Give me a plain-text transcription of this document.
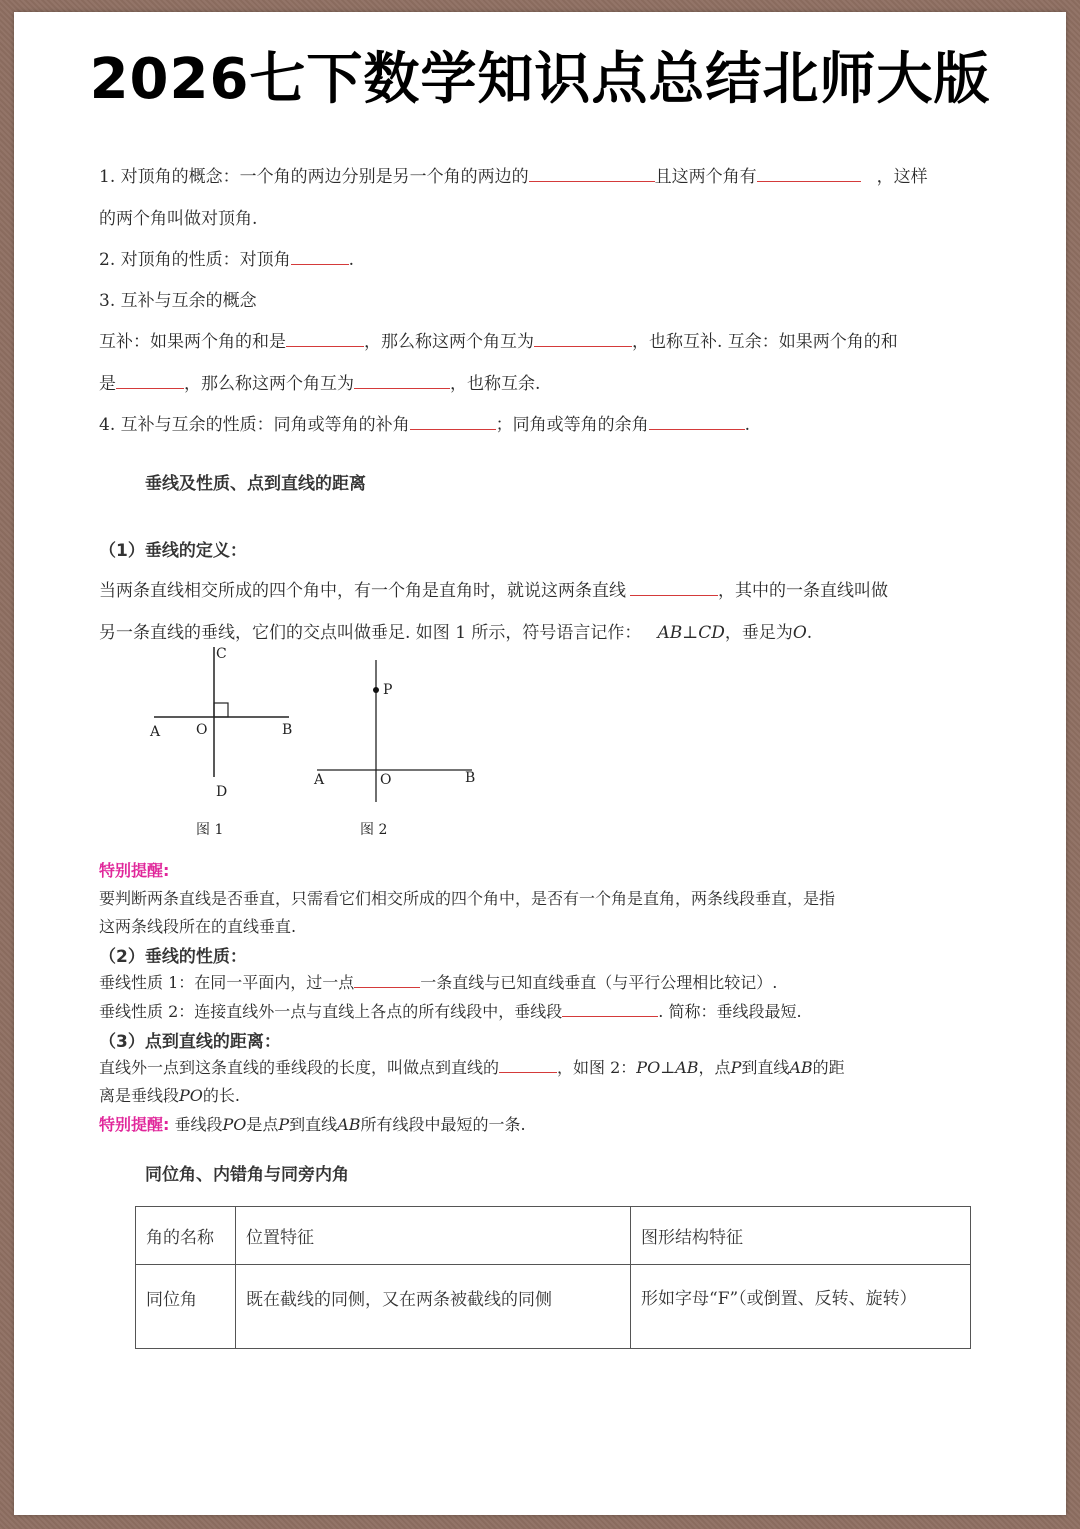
2026七下数学知识点总结北师大版
1. 对顶角的概念：一个角的两边分别是另一个角的两边的	且这两个角有	，这样
的两个角叫做对顶角.
2. 对顶角的性质：对顶角	.
3. 互补与互余的概念
互补：如果两个角的和是	，那么称这两个角互为	，也称互补. 互余：如果两个角的和
是	，那么称这两个角互为	，也称互余.
4. 互补与互余的性质：同角或等角的补角	；同角或等角的余角	.
垂线及性质、点到直线的距离
（1）垂线的定义：
当两条直线相交所成的四个角中，有一个角是直角时，就说这两条直线	，其中的一条直线叫做
另一条直线的垂线，它们的交点叫做垂足. 如图 1 所示，符号语言记作： AB⊥CD，垂足为O.
C
A	O	B
D
图 1
P
A	O	B
图 2
特别提醒:
要判断两条直线是否垂直，只需看它们相交所成的四个角中，是否有一个角是直角，两条线段垂直，是指
这两条线段所在的直线垂直.
（2）垂线的性质：
垂线性质 1：在同一平面内，过一点	一条直线与已知直线垂直（与平行公理相比较记）.
垂线性质 2：连接直线外一点与直线上各点的所有线段中，垂线段	. 简称：垂线段最短.
（3）点到直线的距离：
直线外一点到这条直线的垂线段的长度，叫做点到直线的	，如图 2：PO⊥AB，点P到直线AB的距
离是垂线段PO的长.
特别提醒: 垂线段PO是点P到直线AB所有线段中最短的一条.
同位角、内错角与同旁内角
角的名称	位置特征	图形结构特征
同位角	既在截线的同侧，又在两条被截线的同侧	形如字母“F”（或倒置、反转、旋转）
